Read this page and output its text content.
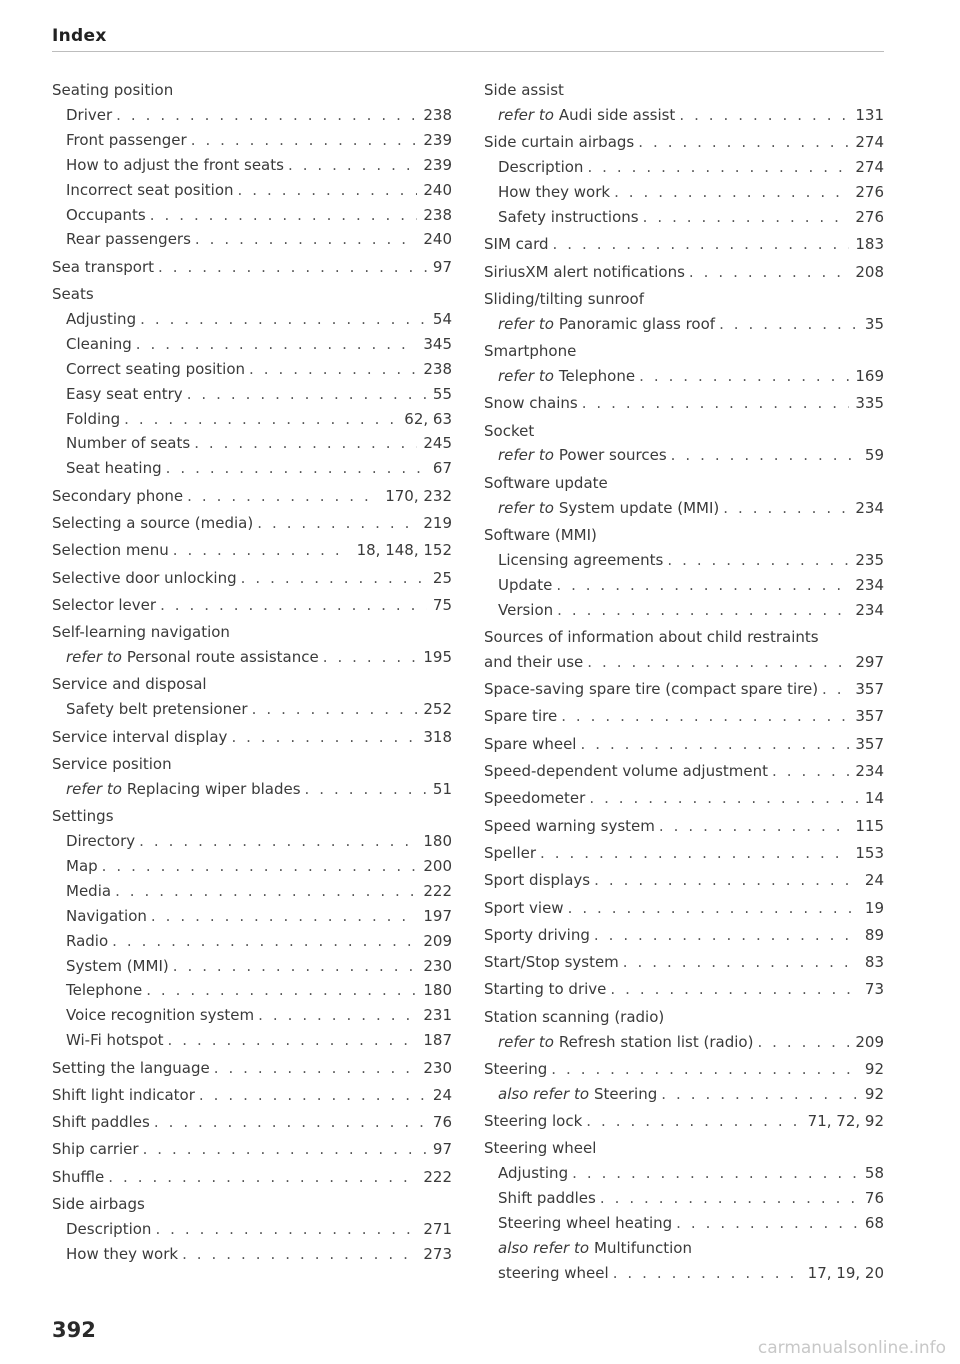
Index
Seating position
Driver . . .	238
Front passenger . . .	239
How to adjust the front seats . . .	239
Incorrect seat position . . .	240
Occupants . . .	238
Rear passengers . . .	240
Sea transport . . .	97
Seats
Adjusting . . .	54
Cleaning . . .	345
Correct seating position . . .	238
Easy seat entry . . .	55
Folding . . .	62, 63
Number of seats . . .	245
Seat heating . . .	67
Secondary phone . . .	170, 232
Selecting a source (media) . . .	219
Selection menu . . .	18, 148, 152
Selective door unlocking . . .	25
Selector lever . . .	75
Self-learning navigation
refer to Personal route assistance . . .	195
Service and disposal
Safety belt pretensioner . . .	252
Service interval display . . .	318
Service position
refer to Replacing wiper blades . . .	51
Settings
Directory . . .	180
Map . . .	200
Media . . .	222
Navigation . . .	197
Radio . . .	209
System (MMI) . . .	230
Telephone . . .	180
Voice recognition system . . .	231
Wi-Fi hotspot . . .	187
Setting the language . . .	230
Shift light indicator . . .	24
Shift paddles . . .	76
Ship carrier . . .	97
Shuffle . . .	222
Side airbags
Description . . .	271
How they work . . .	273
Side assist
refer to Audi side assist . . .	131
Side curtain airbags . . .	274
Description . . .	274
How they work . . .	276
Safety instructions . . .	276
SIM card . . .	183
SiriusXM alert notifications . . .	208
Sliding/tilting sunroof
refer to Panoramic glass roof . . .	35
Smartphone
refer to Telephone . . .	169
Snow chains . . .	335
Socket
refer to Power sources . . .	59
Software update
refer to System update (MMI) . . .	234
Software (MMI)
Licensing agreements . . .	235
Update . . .	234
Version . . .	234
Sources of information about child restraints
and their use . . .	297
Space-saving spare tire (compact spare tire) . . . 357
Spare tire . . .	357
Spare wheel . . .	357
Speed-dependent volume adjustment . . .	234
Speedometer . . .	14
Speed warning system . . .	115
Speller . . .	153
Sport displays . . .	24
Sport view . . .	19
Sporty driving . . .	89
Start/Stop system . . .	83
Starting to drive . . .	73
Station scanning (radio)
refer to Refresh station list (radio) . . .	209
Steering . . .	92
also refer to Steering . . .	92
Steering lock . . .	71, 72, 92
Steering wheel
Adjusting . . .	58
Shift paddles . . .	76
Steering wheel heating . . .	68
also refer to Multifunction
steering wheel . . .	17, 19, 20
392
carmanualsonline.info
